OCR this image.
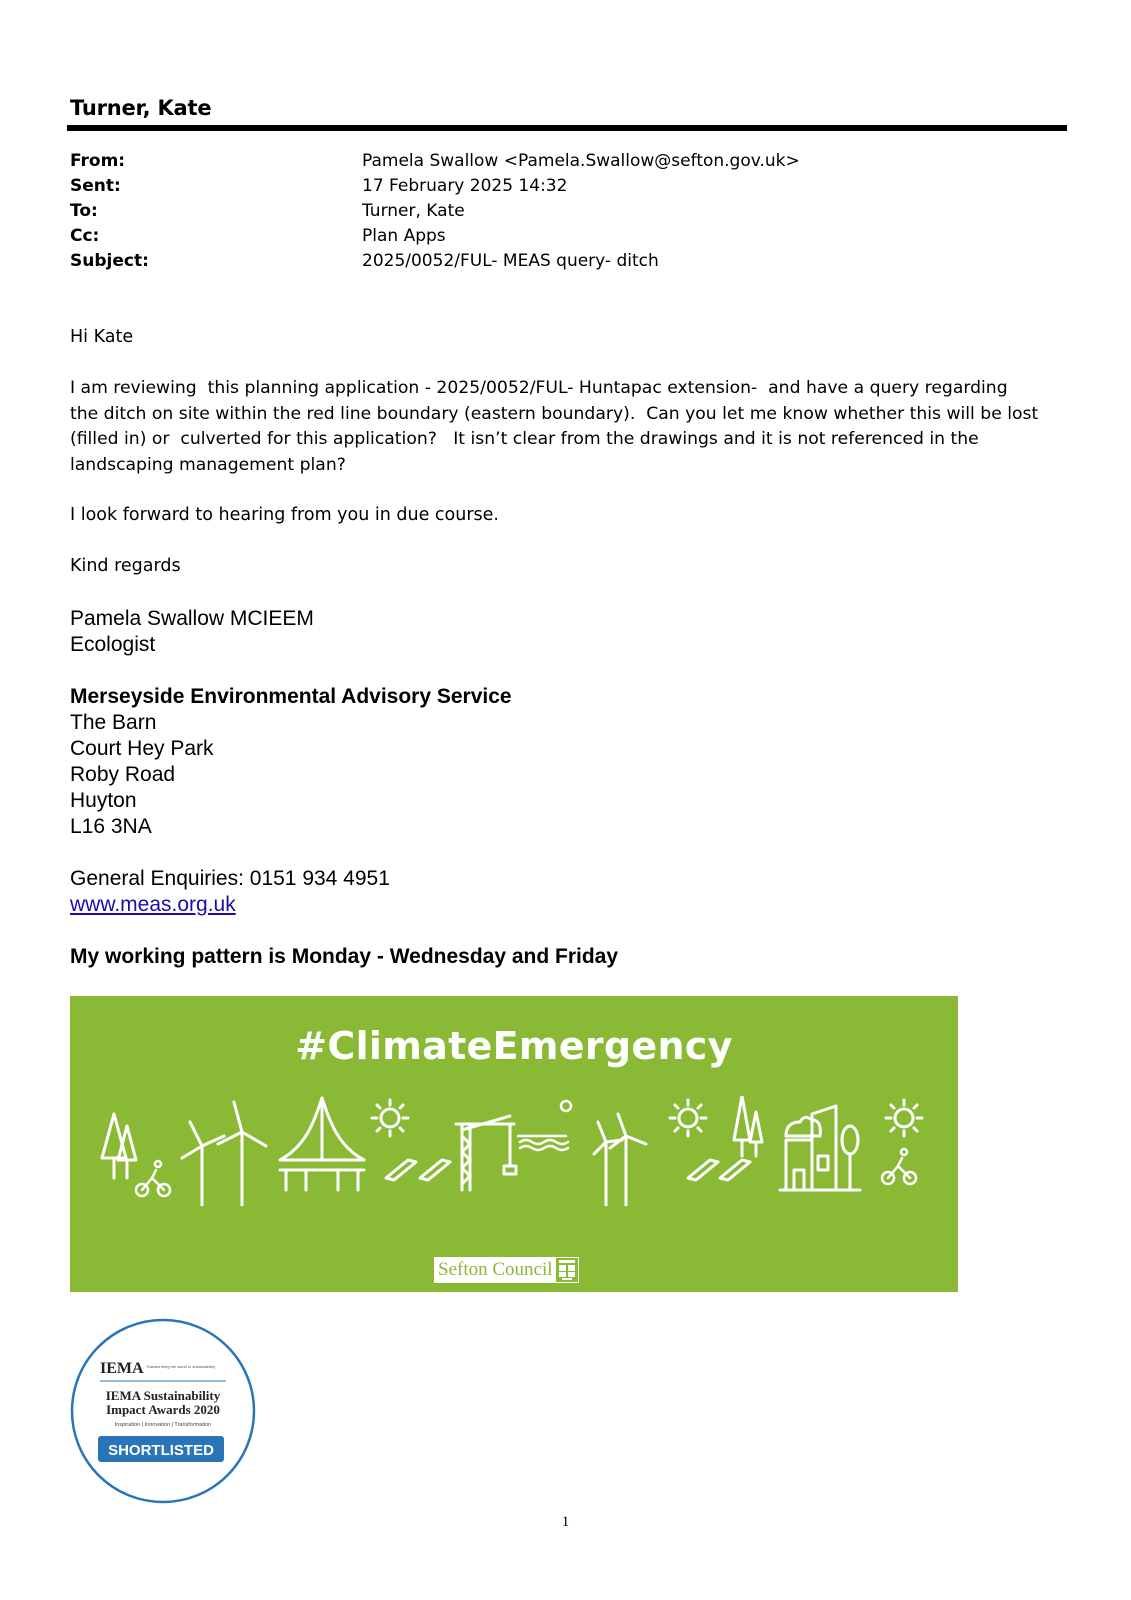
Turner, Kate
From:	Pamela Swallow <Pamela.Swallow@sefton.gov.uk>
Sent:	17 February 2025 14:32
To:	Turner, Kate
Cc:	Plan Apps
Subject:	2025/0052/FUL- MEAS query- ditch
Hi Kate
I am reviewing  this planning application - 2025/0052/FUL- Huntapac extension-  and have a query regarding
the ditch on site within the red line boundary (eastern boundary).  Can you let me know whether this will be lost
(filled in) or  culverted for this application?   It isn’t clear from the drawings and it is not referenced in the
landscaping management plan?
I look forward to hearing from you in due course.
Kind regards
Pamela Swallow MCIEEM
Ecologist
Merseyside Environmental Advisory Service
The Barn
Court Hey Park
Roby Road
Huyton
L16 3NA
General Enquiries: 0151 934 4951
www.meas.org.uk
My working pattern is Monday - Wednesday and Friday
#ClimateEmergency
Sefton Council
IEMA Transforming the world to sustainability
IEMA Sustainability
Impact Awards 2020
Inspiration | Innovation | Transformation
SHORTLISTED
1
